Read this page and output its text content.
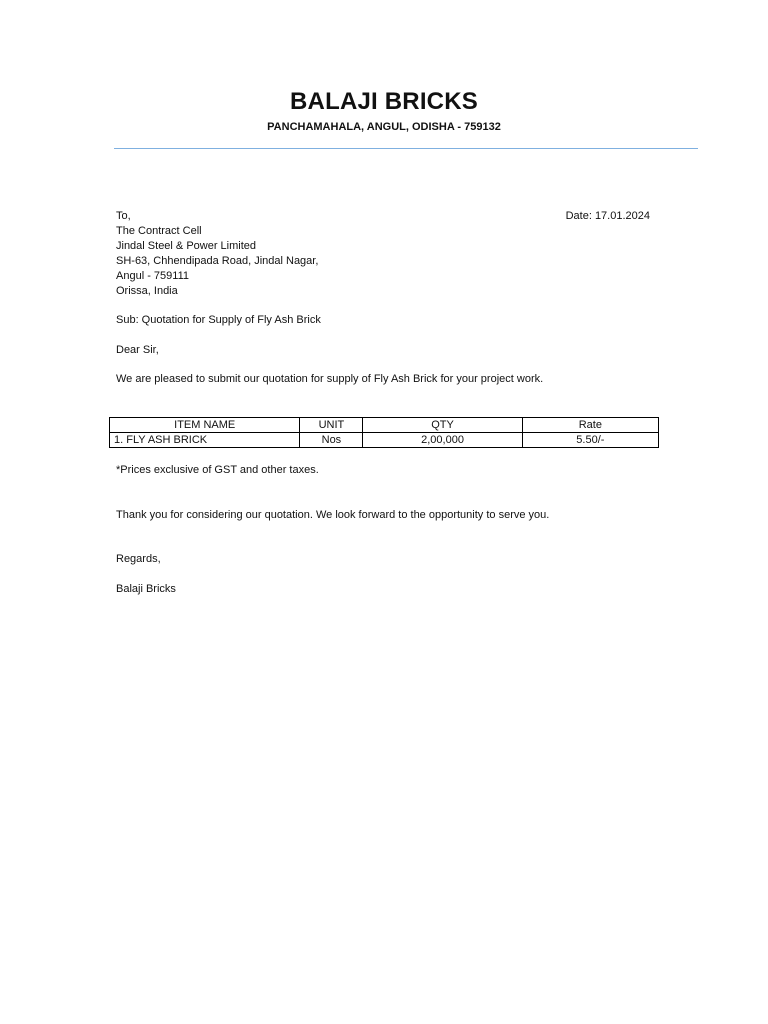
BALAJI BRICKS
PANCHAMAHALA, ANGUL, ODISHA - 759132
To,	Date: 17.01.2024
The Contract Cell
Jindal Steel & Power Limited
SH-63, Chhendipada Road, Jindal Nagar,
Angul - 759111
Orissa, India
Sub: Quotation for Supply of Fly Ash Brick
Dear Sir,
We are pleased to submit our quotation for supply of Fly Ash Brick for your project work.
ITEM NAME	UNIT	QTY	Rate
1. FLY ASH BRICK	Nos	2,00,000	5.50/-
*Prices exclusive of GST and other taxes.
Thank you for considering our quotation. We look forward to the opportunity to serve you.
Regards,
Balaji Bricks
